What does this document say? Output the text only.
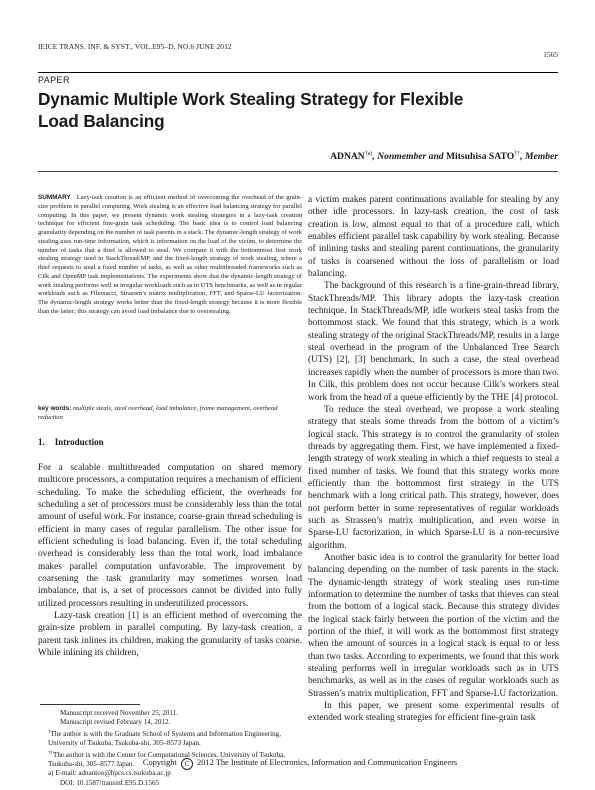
IEICE TRANS. INF. & SYST., VOL.E95–D, NO.6 JUNE 2012
1565
PAPER
Dynamic Multiple Work Stealing Strategy for Flexible Load Balancing
ADNAN$^{\dagger a)}$, Nonmember and Mitsuhisa SATO††, Member
SUMMARY Lazy-task creation is an efficient method of overcoming the overhead of the grain-size problem in parallel computing. Work stealing is an effective load balancing strategy for parallel computing. In this paper, we present dynamic work stealing strategies in a lazy-task creation technique for efficient fine-grain task scheduling. The basic idea is to control load balancing granularity depending on the number of task parents in a stack. The dynamic-length strategy of work stealing uses run-time information, which is information on the load of the victim, to determine the number of tasks that a thief is allowed to steal. We compare it with the bottommost first work stealing strategy used in StackThread/MP, and the fixed-length strategy of work stealing, where a thief requests to steal a fixed number of tasks, as well as other multithreaded frameworks such as Cilk and OpenMP task implementations. The experiments show that the dynamic-length strategy of work stealing performs well in irregular workloads such as in UTS benchmarks, as well as in regular workloads such as Fibonacci, Strassen’s matrix multiplication, FFT, and Sparse-LU factorization. The dynamic-length strategy works better than the fixed-length strategy because it is more flexible than the latter; this strategy can avoid load imbalance due to overstealing.
key words: multiple steals, steal overhead, load imbalance, frame management, overhead reduction
1. Introduction

For a scalable multithreaded computation on shared memory multicore processors, a computation requires a mechanism of efficient scheduling. To make the scheduling efficient, the overheads for scheduling a set of processors must be considerably less than the total amount of useful work. For instance, coarse-grain thread scheduling is efficient in many cases of regular parallelism. The other issue for efficient scheduling is load balancing. Even if, the total scheduling overhead is considerably less than the total work, load imbalance makes parallel computation unfavorable. The improvement by coarsening the task granularity may sometimes worsen load imbalance, that is, a set of processors cannot be divided into fully utilized processors resulting in underutilized processors.

Lazy-task creation [1] is an efficient method of overcoming the grain-size problem in parallel computing. By lazy-task creation, a parent task inlines its children, making the granularity of tasks coarse. While inlining its children,

Manuscript received November 25, 2011.

Manuscript revised February 14, 2012.

†The author is with the Graduate School of Systems and Information Engineering, University of Tsukuba, Tsukuba-shi, 305–8573 Japan.

††The author is with the Center for Computational Sciences, University of Tsukuba, Tsukuba-shi, 305–8577 Japan.

a) E-mail: adnantoo@hpcs.cs.tsukuba.ac.jp

DOI: 10.1587/transinf.E95.D.1565

a victim makes parent continuations available for stealing by any other idle processors. In lazy-task creation, the cost of task creation is low, almost equal to that of a procedure call, which enables efficient parallel task capability by work stealing. Because of inlining tasks and stealing parent continuations, the granularity of tasks is coarsened without the loss of parallelism or load balancing.

The background of this research is a fine-grain-thread library, StackThreads/MP. This library adopts the lazy-task creation technique. In StackThreads/MP, idle workers steal tasks from the bottommost stack. We found that this strategy, which is a work stealing strategy of the original StackThreads/MP, results in a large steal overhead in the program of the Unbalanced Tree Search (UTS) [2], [3] benchmark. In such a case, the steal overhead increases rapidly when the number of processors is more than two. In Cilk, this problem does not occur because Cilk’s workers steal work from the head of a queue efficiently by the THE [4] protocol.

To reduce the steal overhead, we propose a work stealing strategy that steals some threads from the bottom of a victim’s logical stack. This strategy is to control the granularity of stolen threads by aggregating them. First, we have implemented a fixed-length strategy of work stealing in which a thief requests to steal a fixed number of tasks. We found that this strategy works more efficiently than the bottommost first strategy in the UTS benchmark with a long critical path. This strategy, however, does not perform better in some representatives of regular workloads such as Strassen’s matrix multiplication, and even worse in Sparse-LU factorization, in which Sparse-LU is a non-recursive algorithm.

Another basic idea is to control the granularity for better load balancing depending on the number of task parents in the stack. The dynamic-length strategy of work stealing uses run-time information to determine the number of tasks that thieves can steal from the bottom of a logical stack. Because this strategy divides the logical stack fairly between the portion of the victim and the portion of the thief, it will work as the bottommost first strategy when the amount of sources in a logical stack is equal to or less than two tasks. According to experiments, we found that this work stealing performs well in irregular workloads such as in UTS benchmarks, as well as in the cases of regular workloads such as Strassen’s matrix multiplication, FFT and Sparse-LU factorization.

In this paper, we present some experimental results of extended work stealing strategies for efficient fine-grain task

Copyright C 2012 The Institute of Electronics, Information and Communication Engineers
